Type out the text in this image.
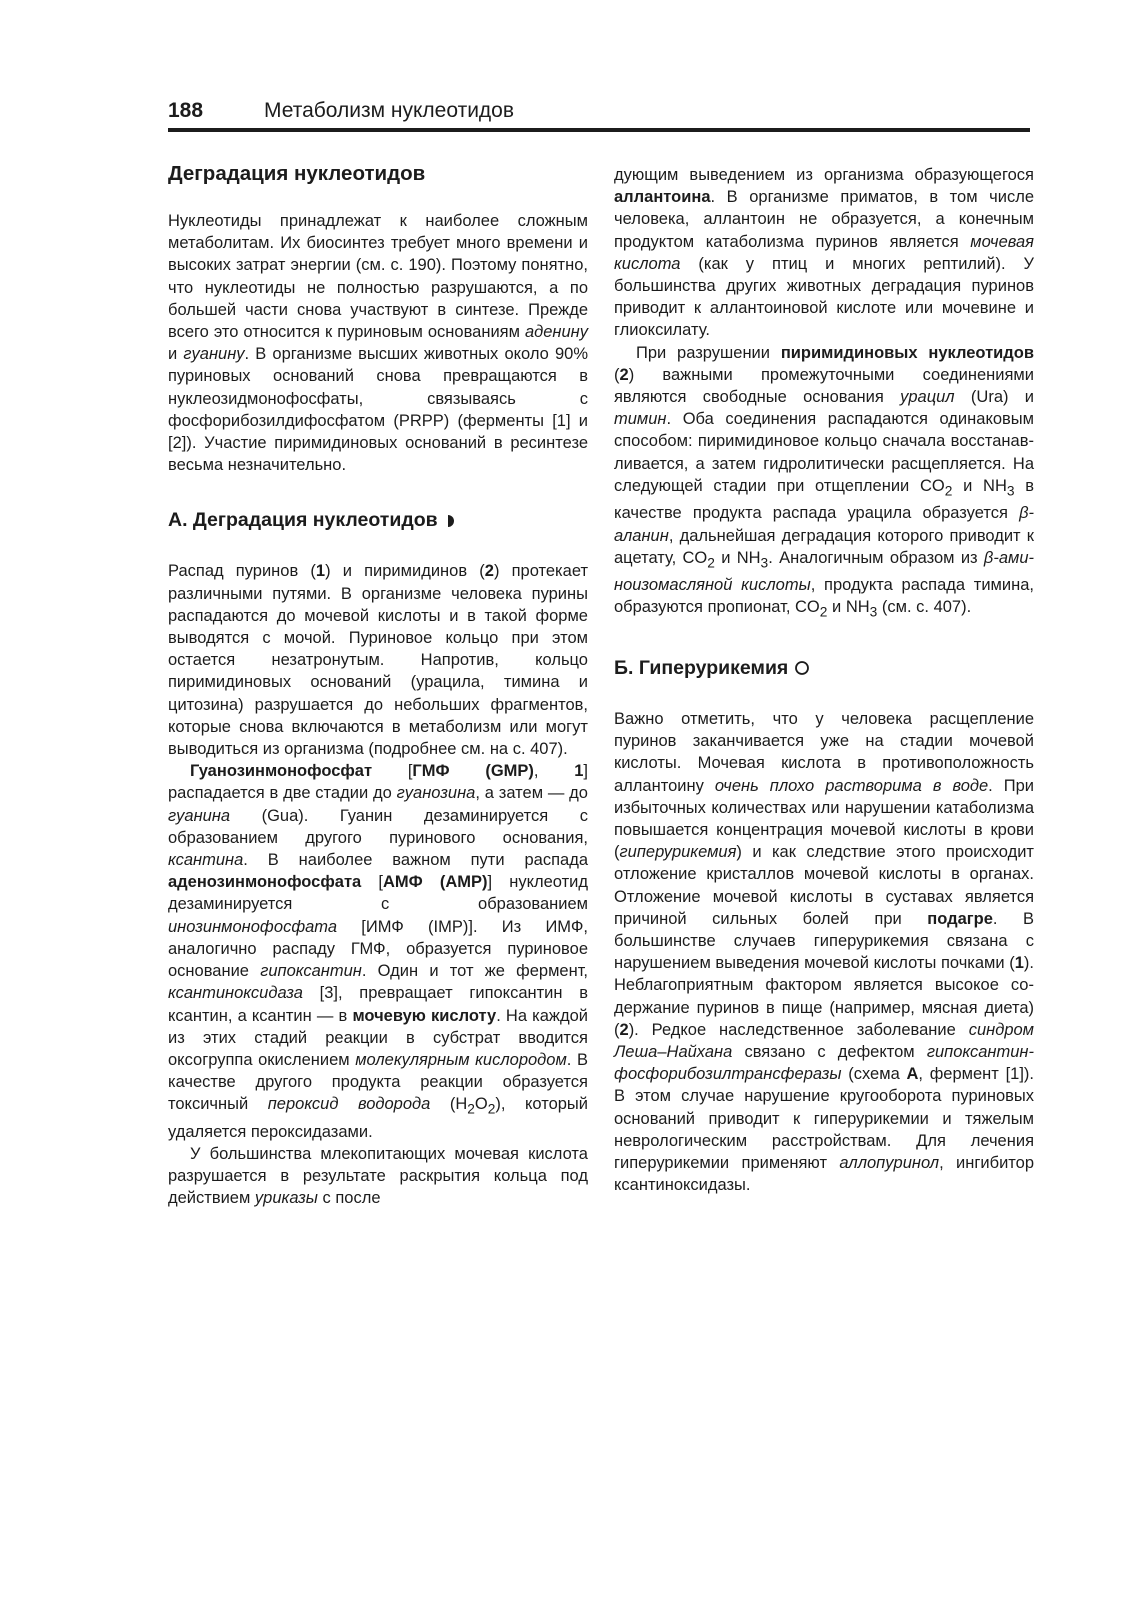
188	Метаболизм нуклеотидов
Деградация нуклеотидов

Нуклеотиды принадлежат к наиболее сложным метаболитам. Их биосинтез требует много времени и высоких затрат энергии (см. с. 190). Поэтому понятно, что нуклеотиды не полностью разрушаются, а по большей части снова участвуют в синтезе. Прежде всего это относится к пуриновым основаниям аденину и гуанину. В организме высших животных около 90% пуриновых оснований снова превращаются в нуклеозидмонофосфаты, связываясь с фосфорибозилдифосфатом (PRPP) (ферменты [1] и [2]). Участие пиримидиновых оснований в ресинтезе весьма незначительно.

А. Деградация нуклеотидов

Распад пуринов (1) и пиримидинов (2) протекает различными путями. В организме человека пурины распадаются до мочевой кислоты и в такой форме выводятся с мочой. Пуриновое кольцо при этом остается незатронутым. Напротив, кольцо пиримидиновых оснований (урацила, тимина и цитозина) разрушается до небольших фрагментов, которые снова включаются в метаболизм или могут выводиться из организма (подробнее см. на с. 407).

Гуанозинмонофосфат [ГМФ (GMP), 1] распадается в две стадии до гуанозина, а затем — до гуанина (Gua). Гуанин дезаминируется с образованием другого пуринового основания, ксантина. В наиболее важном пути распада аденозинмонофосфата [АМФ (AMP)] нуклеотид дезаминируется с образованием инозинмонофосфата [ИМФ (IMP)]. Из ИМФ, аналогично распаду ГМФ, образуется пуриновое основание гипоксантин. Один и тот же фермент, ксантиноксидаза [3], превращает гипоксантин в ксантин, а ксантин — в мочевую кислоту. На каждой из этих стадий реакции в субстрат вводится оксогруппа окислением молекулярным кислородом. В качестве другого продукта реакции образуется токсичный пероксид водорода $(H_2O_2)$, который удаляется пероксидазами.

У большинства млекопитающих мочевая кислота разрушается в результате раскрытия кольца под действием уриказы с после

дующим выведением из организма образующегося аллантоина. В организме приматов, в том числе человека, аллантоин не образуется, а конечным продуктом катаболизма пуринов является мочевая кислота (как у птиц и многих рептилий). У большинства других животных деградация пуринов приводит к аллантоиновой кислоте или мочевине и глиоксилату.

При разрушении пиримидиновых нуклеотидов (2) важными промежуточными соединениями являются свободные основания урацил (Ura) и тимин. Оба соединения распадаются одинаковым способом: пиримидиновое кольцо сначала восстанавливается, а затем гидролитически расщепляется. На следующей стадии при отщеплении $CO_2$ и $NH_3$ в качестве продукта распада урацила образуется β-аланин, дальнейшая деградация которого приводит к ацетату, $CO_2$ и $NH_3$. Аналогичным образом из β-аминоизомасляной кислоты, продукта распада тимина, образуются пропионат, $CO_2$ и $NH_3$ (см. с. 407).

Б. Гиперурикемия

Важно отметить, что у человека расщепление пуринов заканчивается уже на стадии мочевой кислоты. Мочевая кислота в противоположность аллантоину очень плохо растворима в воде. При избыточных количествах или нарушении катаболизма повышается концентрация мочевой кислоты в крови (гиперурикемия) и как следствие этого происходит отложение кристаллов мочевой кислоты в органах. Отложение мочевой кислоты в суставах является причиной сильных болей при подагре. В большинстве случаев гиперурикемия связана с нарушением выведения мочевой кислоты почками (1). Неблагоприятным фактором является высокое содержание пуринов в пище (например, мясная диета) (2). Редкое наследственное заболевание синдром Леша–Найхана связано с дефектом гипоксантин-фосфорибозилтрансферазы (схема А, фермент [1]). В этом случае нарушение кругооборота пуриновых оснований приводит к гиперурикемии и тяжелым неврологическим расстройствам. Для лечения гиперурикемии применяют аллопуринол, ингибитор ксантиноксидазы.
